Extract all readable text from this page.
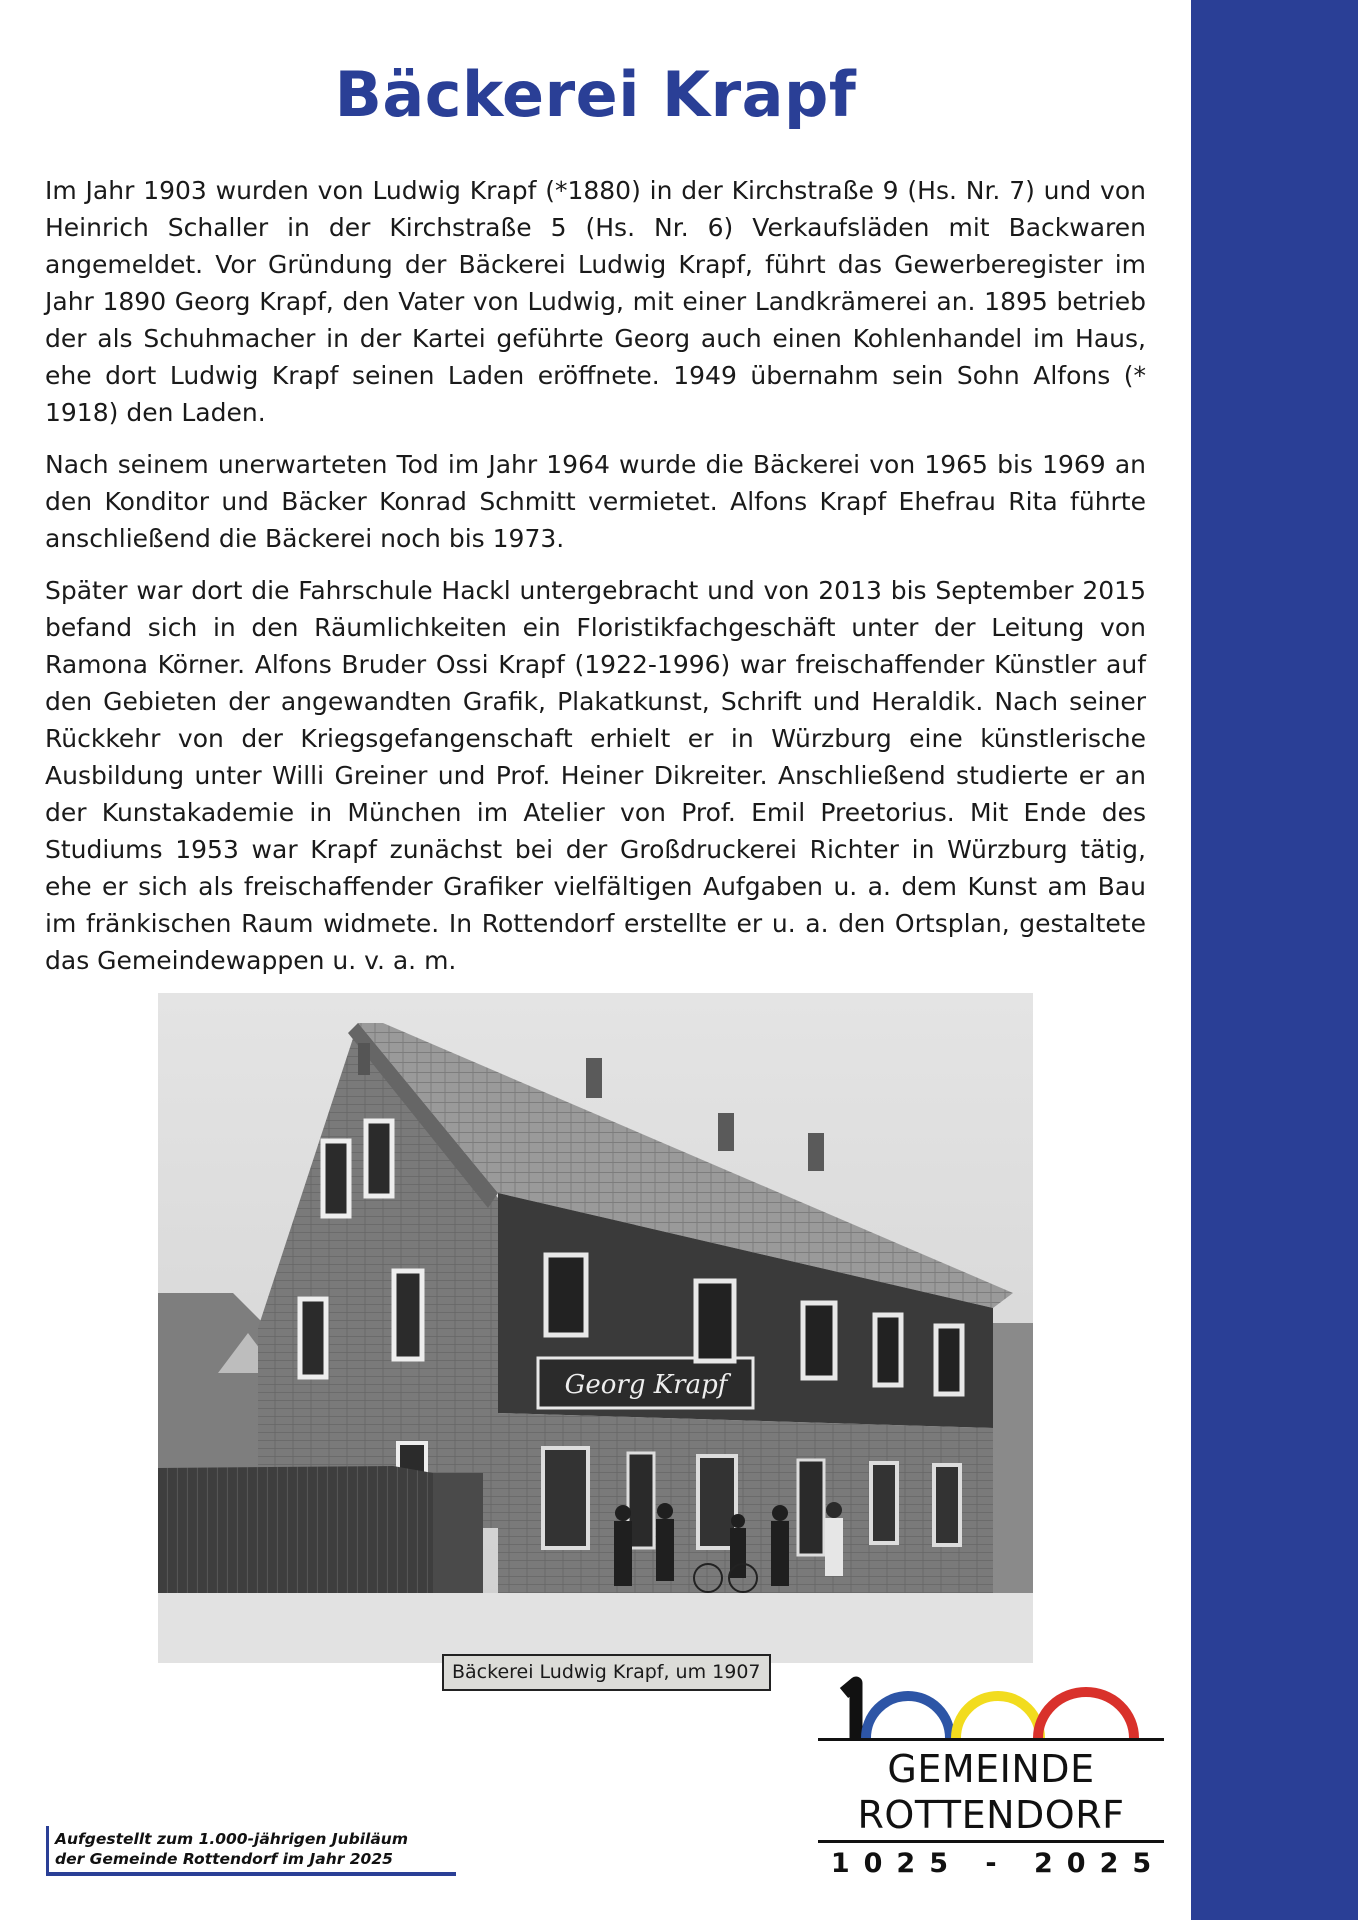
Bäckerei Krapf

Im Jahr 1903 wurden von Ludwig Krapf (*1880) in der Kirchstraße 9 (Hs. Nr. 7) und von Heinrich Schaller in der Kirchstraße 5 (Hs. Nr. 6) Verkaufsläden mit Backwaren angemeldet. Vor Gründung der Bäckerei Ludwig Krapf, führt das Gewerberegister im Jahr 1890 Georg Krapf, den Vater von Ludwig, mit einer Landkrämerei an. 1895 betrieb der als Schuhmacher in der Kartei geführte Georg auch einen Kohlenhandel im Haus, ehe dort Ludwig Krapf seinen Laden eröffnete. 1949 übernahm sein Sohn Alfons (* 1918) den Laden.

Nach seinem unerwarteten Tod im Jahr 1964 wurde die Bäckerei von 1965 bis 1969 an den Konditor und Bäcker Konrad Schmitt vermietet. Alfons Krapf Ehefrau Rita führte anschließend die Bäckerei noch bis 1973.

Später war dort die Fahrschule Hackl untergebracht und von 2013 bis September 2015 befand sich in den Räumlichkeiten ein Floristikfachgeschäft unter der Leitung von Ramona Körner. Alfons Bruder Ossi Krapf (1922-1996) war freischaffender Künstler auf den Gebieten der angewandten Grafik, Plakatkunst, Schrift und Heraldik. Nach seiner Rückkehr von der Kriegsgefangenschaft erhielt er in Würzburg eine künstlerische Ausbildung unter Willi Greiner und Prof. Heiner Dikreiter. Anschließend studierte er an der Kunstakademie in München im Atelier von Prof. Emil Preetorius. Mit Ende des Studiums 1953 war Krapf zunächst bei der Großdruckerei Richter in Würzburg tätig, ehe er sich als freischaffender Grafiker vielfältigen Aufgaben u. a. dem Kunst am Bau im fränkischen Raum widmete. In Rottendorf erstellte er u. a. den Ortsplan, gestaltete das Gemeindewappen u. v. a. m.

Georg Krapf
Bäckerei Ludwig Krapf, um 1907
Aufgestellt zum 1.000-jährigen Jubiläum
der Gemeinde Rottendorf im Jahr 2025
GEMEINDE
ROTTENDORF
1025 - 2025
